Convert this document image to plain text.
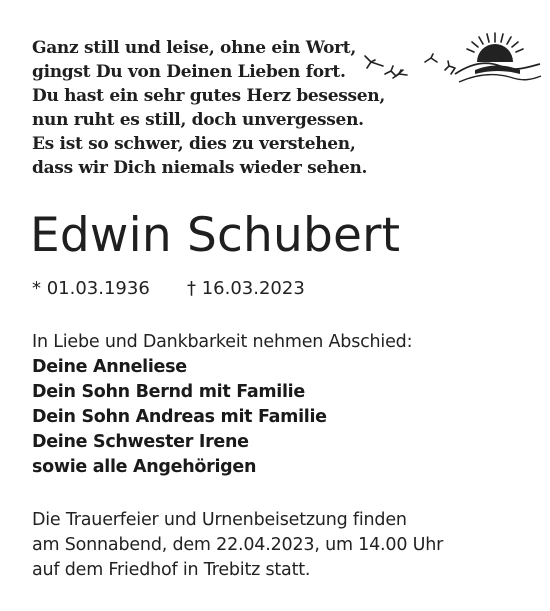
Ganz still und leise, ohne ein Wort,
gingst Du von Deinen Lieben fort.
Du hast ein sehr gutes Herz besessen,
nun ruht es still, doch unvergessen.
Es ist so schwer, dies zu verstehen,
dass wir Dich niemals wieder sehen.
Edwin Schubert
* 01.03.1936 † 16.03.2023
In Liebe und Dankbarkeit nehmen Abschied:
Deine Anneliese
Dein Sohn Bernd mit Familie
Dein Sohn Andreas mit Familie
Deine Schwester Irene
sowie alle Angehörigen
Die Trauerfeier und Urnenbeisetzung finden
am Sonnabend, dem 22.04.2023, um 14.00 Uhr
auf dem Friedhof in Trebitz statt.
